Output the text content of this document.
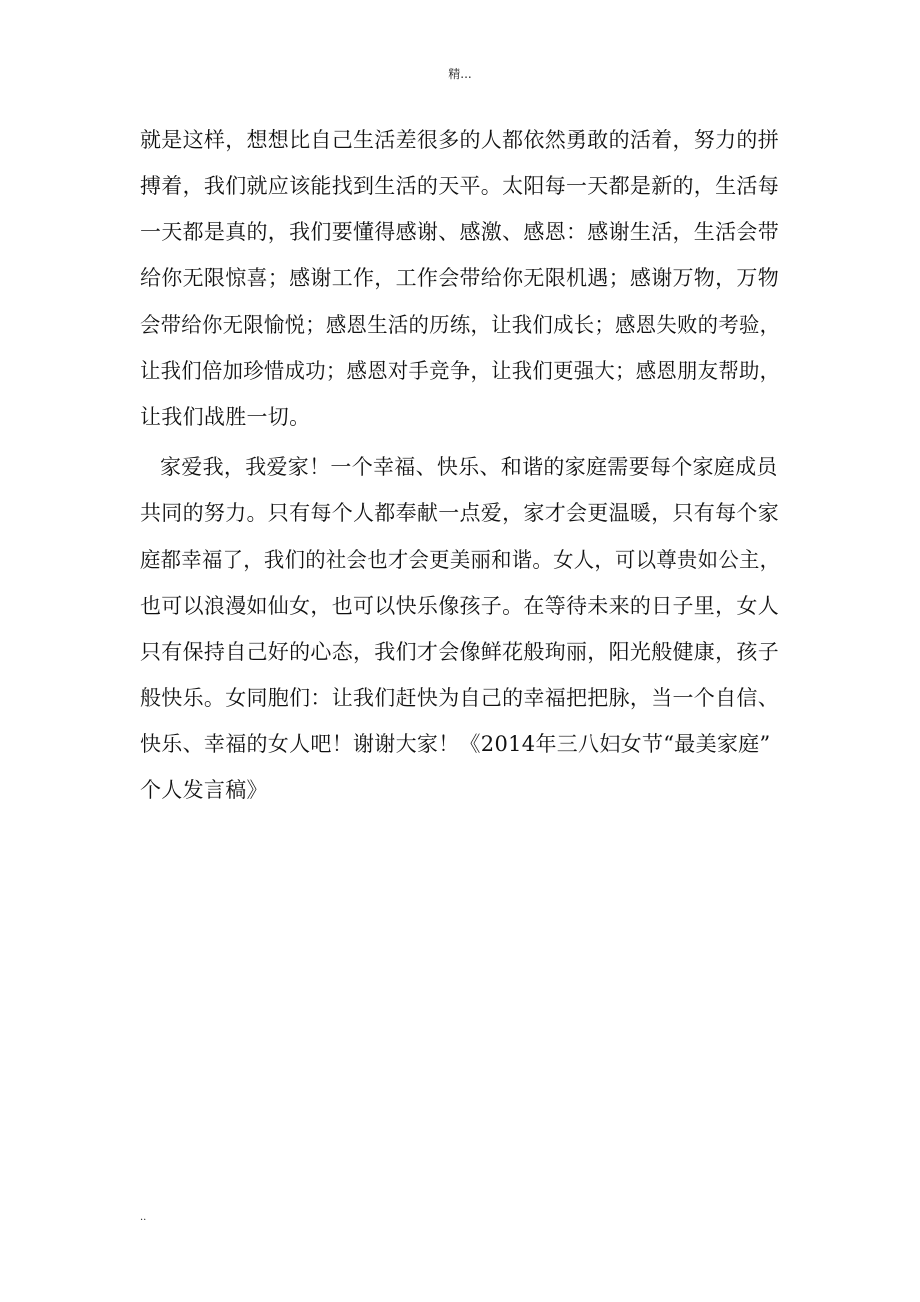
精...
就是这样，想想比自己生活差很多的人都依然勇敢的活着，努力的拼
搏着，我们就应该能找到生活的天平。太阳每一天都是新的，生活每
一天都是真的，我们要懂得感谢、感激、感恩：感谢生活，生活会带
给你无限惊喜；感谢工作，工作会带给你无限机遇；感谢万物，万物
会带给你无限愉悦；感恩生活的历练，让我们成长；感恩失败的考验，
让我们倍加珍惜成功；感恩对手竞争，让我们更强大；感恩朋友帮助，
让我们战胜一切。
家爱我，我爱家！一个幸福、快乐、和谐的家庭需要每个家庭成员
共同的努力。只有每个人都奉献一点爱，家才会更温暖，只有每个家
庭都幸福了，我们的社会也才会更美丽和谐。女人，可以尊贵如公主，
也可以浪漫如仙女，也可以快乐像孩子。在等待未来的日子里，女人
只有保持自己好的心态，我们才会像鲜花般珣丽，阳光般健康，孩子
般快乐。女同胞们：让我们赶快为自己的幸福把把脉，当一个自信、
快乐、幸福的女人吧！谢谢大家！《2014年三八妇女节“最美家庭”
个人发言稿》
..
